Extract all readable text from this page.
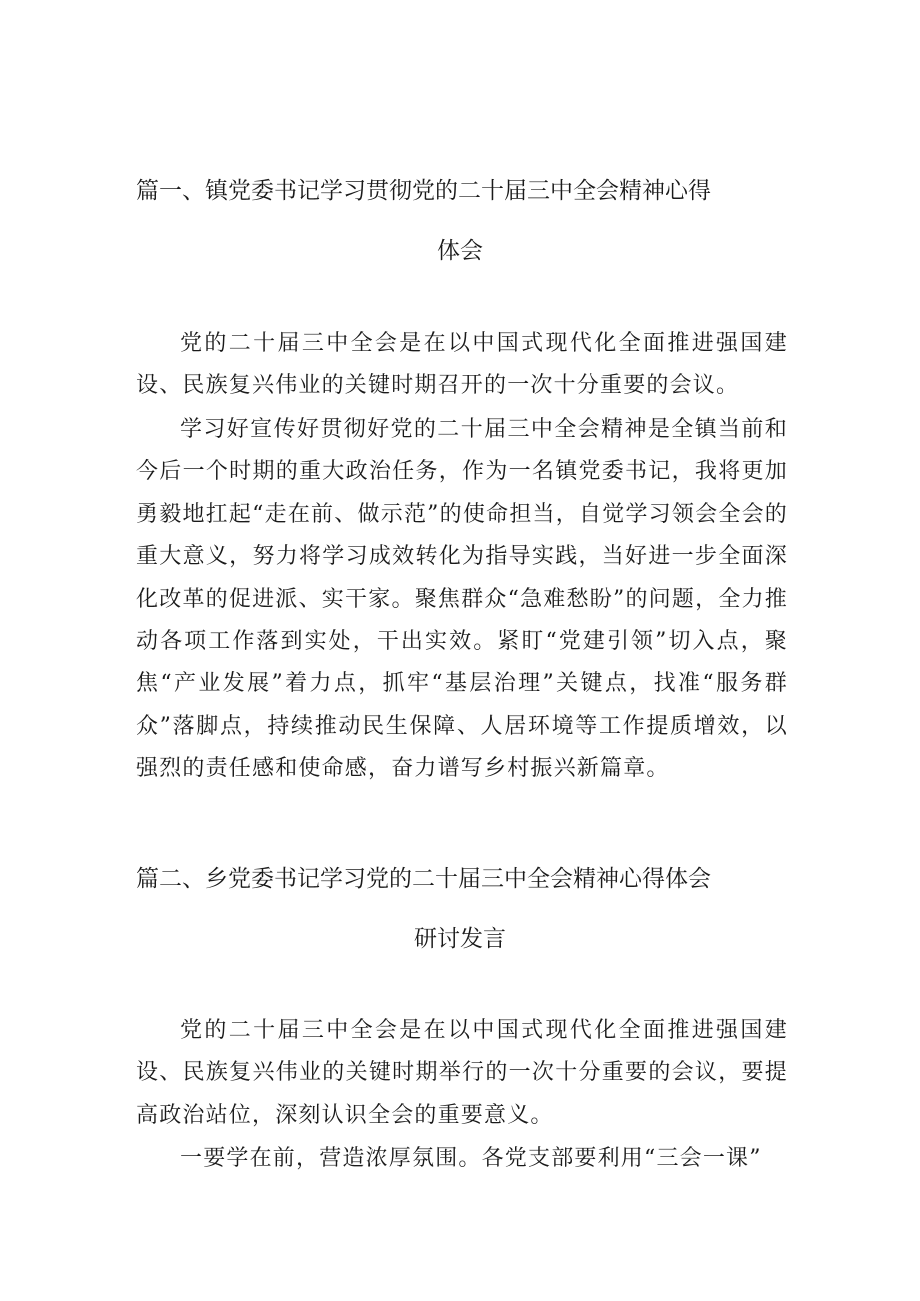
篇一、镇党委书记学习贯彻党的二十届三中全会精神心得
体会
党的二十届三中全会是在以中国式现代化全面推进强国建设、民族复兴伟业的关键时期召开的一次十分重要的会议。
学习好宣传好贯彻好党的二十届三中全会精神是全镇当前和今后一个时期的重大政治任务，作为一名镇党委书记，我将更加勇毅地扛起“走在前、做示范”的使命担当，自觉学习领会全会的重大意义，努力将学习成效转化为指导实践，当好进一步全面深化改革的促进派、实干家。聚焦群众“急难愁盼”的问题，全力推动各项工作落到实处，干出实效。紧盯“党建引领”切入点，聚焦“产业发展”着力点，抓牢“基层治理”关键点，找准“服务群众”落脚点，持续推动民生保障、人居环境等工作提质增效，以强烈的责任感和使命感，奋力谱写乡村振兴新篇章。
篇二、乡党委书记学习党的二十届三中全会精神心得体会
研讨发言
党的二十届三中全会是在以中国式现代化全面推进强国建设、民族复兴伟业的关键时期举行的一次十分重要的会议，要提高政治站位，深刻认识全会的重要意义。
一要学在前，营造浓厚氛围。各党支部要利用“三会一课”
